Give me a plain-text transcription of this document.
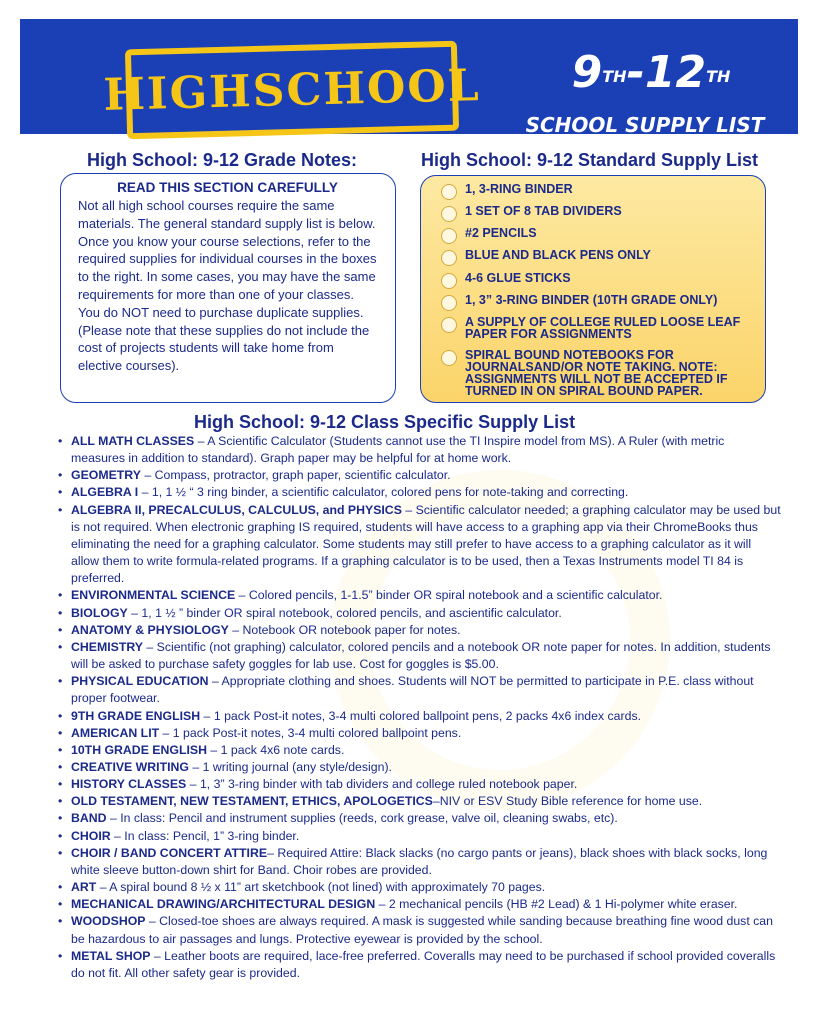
HIGHSCHOOL	9TH-12TH
SCHOOL SUPPLY LIST
High School: 9-12 Grade Notes:
READ THIS SECTION CAREFULLY
Not all high school courses require the same materials. The general standard supply list is below. Once you know your course selections, refer to the required supplies for individual courses in the boxes to the right. In some cases, you may have the same requirements for more than one of your classes. You do NOT need to purchase duplicate supplies. (Please note that these supplies do not include the cost of projects students will take home from elective courses).
High School: 9-12 Standard Supply List
1, 3-RING BINDER
1 SET OF 8 TAB DIVIDERS
#2 PENCILS
BLUE AND BLACK PENS ONLY
4-6 GLUE STICKS
1, 3” 3-RING BINDER (10TH GRADE ONLY)
A SUPPLY OF COLLEGE RULED LOOSE LEAF PAPER FOR ASSIGNMENTS
SPIRAL BOUND NOTEBOOKS FOR JOURNALSAND/OR NOTE TAKING. NOTE: ASSIGNMENTS WILL NOT BE ACCEPTED IF TURNED IN ON SPIRAL BOUND PAPER.
High School: 9-12 Class Specific Supply List
• ALL MATH CLASSES – A Scientific Calculator (Students cannot use the TI Inspire model from MS). A Ruler (with metric measures in addition to standard). Graph paper may be helpful for at home work.
• GEOMETRY – Compass, protractor, graph paper, scientific calculator.
• ALGEBRA I – 1, 1 ½ “ 3 ring binder, a scientific calculator, colored pens for note-taking and correcting.
• ALGEBRA II, PRECALCULUS, CALCULUS, and PHYSICS – Scientific calculator needed; a graphing calculator may be used but is not required. When electronic graphing IS required, students will have access to a graphing app via their ChromeBooks thus eliminating the need for a graphing calculator. Some students may still prefer to have access to a graphing calculator as it will allow them to write formula-related programs. If a graphing calculator is to be used, then a Texas Instruments model TI 84 is preferred.
• ENVIRONMENTAL SCIENCE – Colored pencils, 1-1.5” binder OR spiral notebook and a scientific calculator.
• BIOLOGY – 1, 1 ½ ” binder OR spiral notebook, colored pencils, and ascientific calculator.
• ANATOMY & PHYSIOLOGY – Notebook OR notebook paper for notes.
• CHEMISTRY – Scientific (not graphing) calculator, colored pencils and a notebook OR note paper for notes. In addition, students will be asked to purchase safety goggles for lab use. Cost for goggles is $5.00.
• PHYSICAL EDUCATION – Appropriate clothing and shoes. Students will NOT be permitted to participate in P.E. class without proper footwear.
• 9TH GRADE ENGLISH – 1 pack Post-it notes, 3-4 multi colored ballpoint pens, 2 packs 4x6 index cards.
• AMERICAN LIT – 1 pack Post-it notes, 3-4 multi colored ballpoint pens.
• 10TH GRADE ENGLISH – 1 pack 4x6 note cards.
• CREATIVE WRITING – 1 writing journal (any style/design).
• HISTORY CLASSES – 1, 3” 3-ring binder with tab dividers and college ruled notebook paper.
• OLD TESTAMENT, NEW TESTAMENT, ETHICS, APOLOGETICS–NIV or ESV Study Bible reference for home use.
• BAND – In class: Pencil and instrument supplies (reeds, cork grease, valve oil, cleaning swabs, etc).
• CHOIR – In class: Pencil, 1” 3-ring binder.
• CHOIR / BAND CONCERT ATTIRE– Required Attire: Black slacks (no cargo pants or jeans), black shoes with black socks, long white sleeve button-down shirt for Band. Choir robes are provided.
• ART – A spiral bound 8 ½ x 11” art sketchbook (not lined) with approximately 70 pages.
• MECHANICAL DRAWING/ARCHITECTURAL DESIGN – 2 mechanical pencils (HB #2 Lead) & 1 Hi-polymer white eraser.
• WOODSHOP – Closed-toe shoes are always required. A mask is suggested while sanding because breathing fine wood dust can be hazardous to air passages and lungs. Protective eyewear is provided by the school.
• METAL SHOP – Leather boots are required, lace-free preferred. Coveralls may need to be purchased if school provided coveralls do not fit. All other safety gear is provided.
